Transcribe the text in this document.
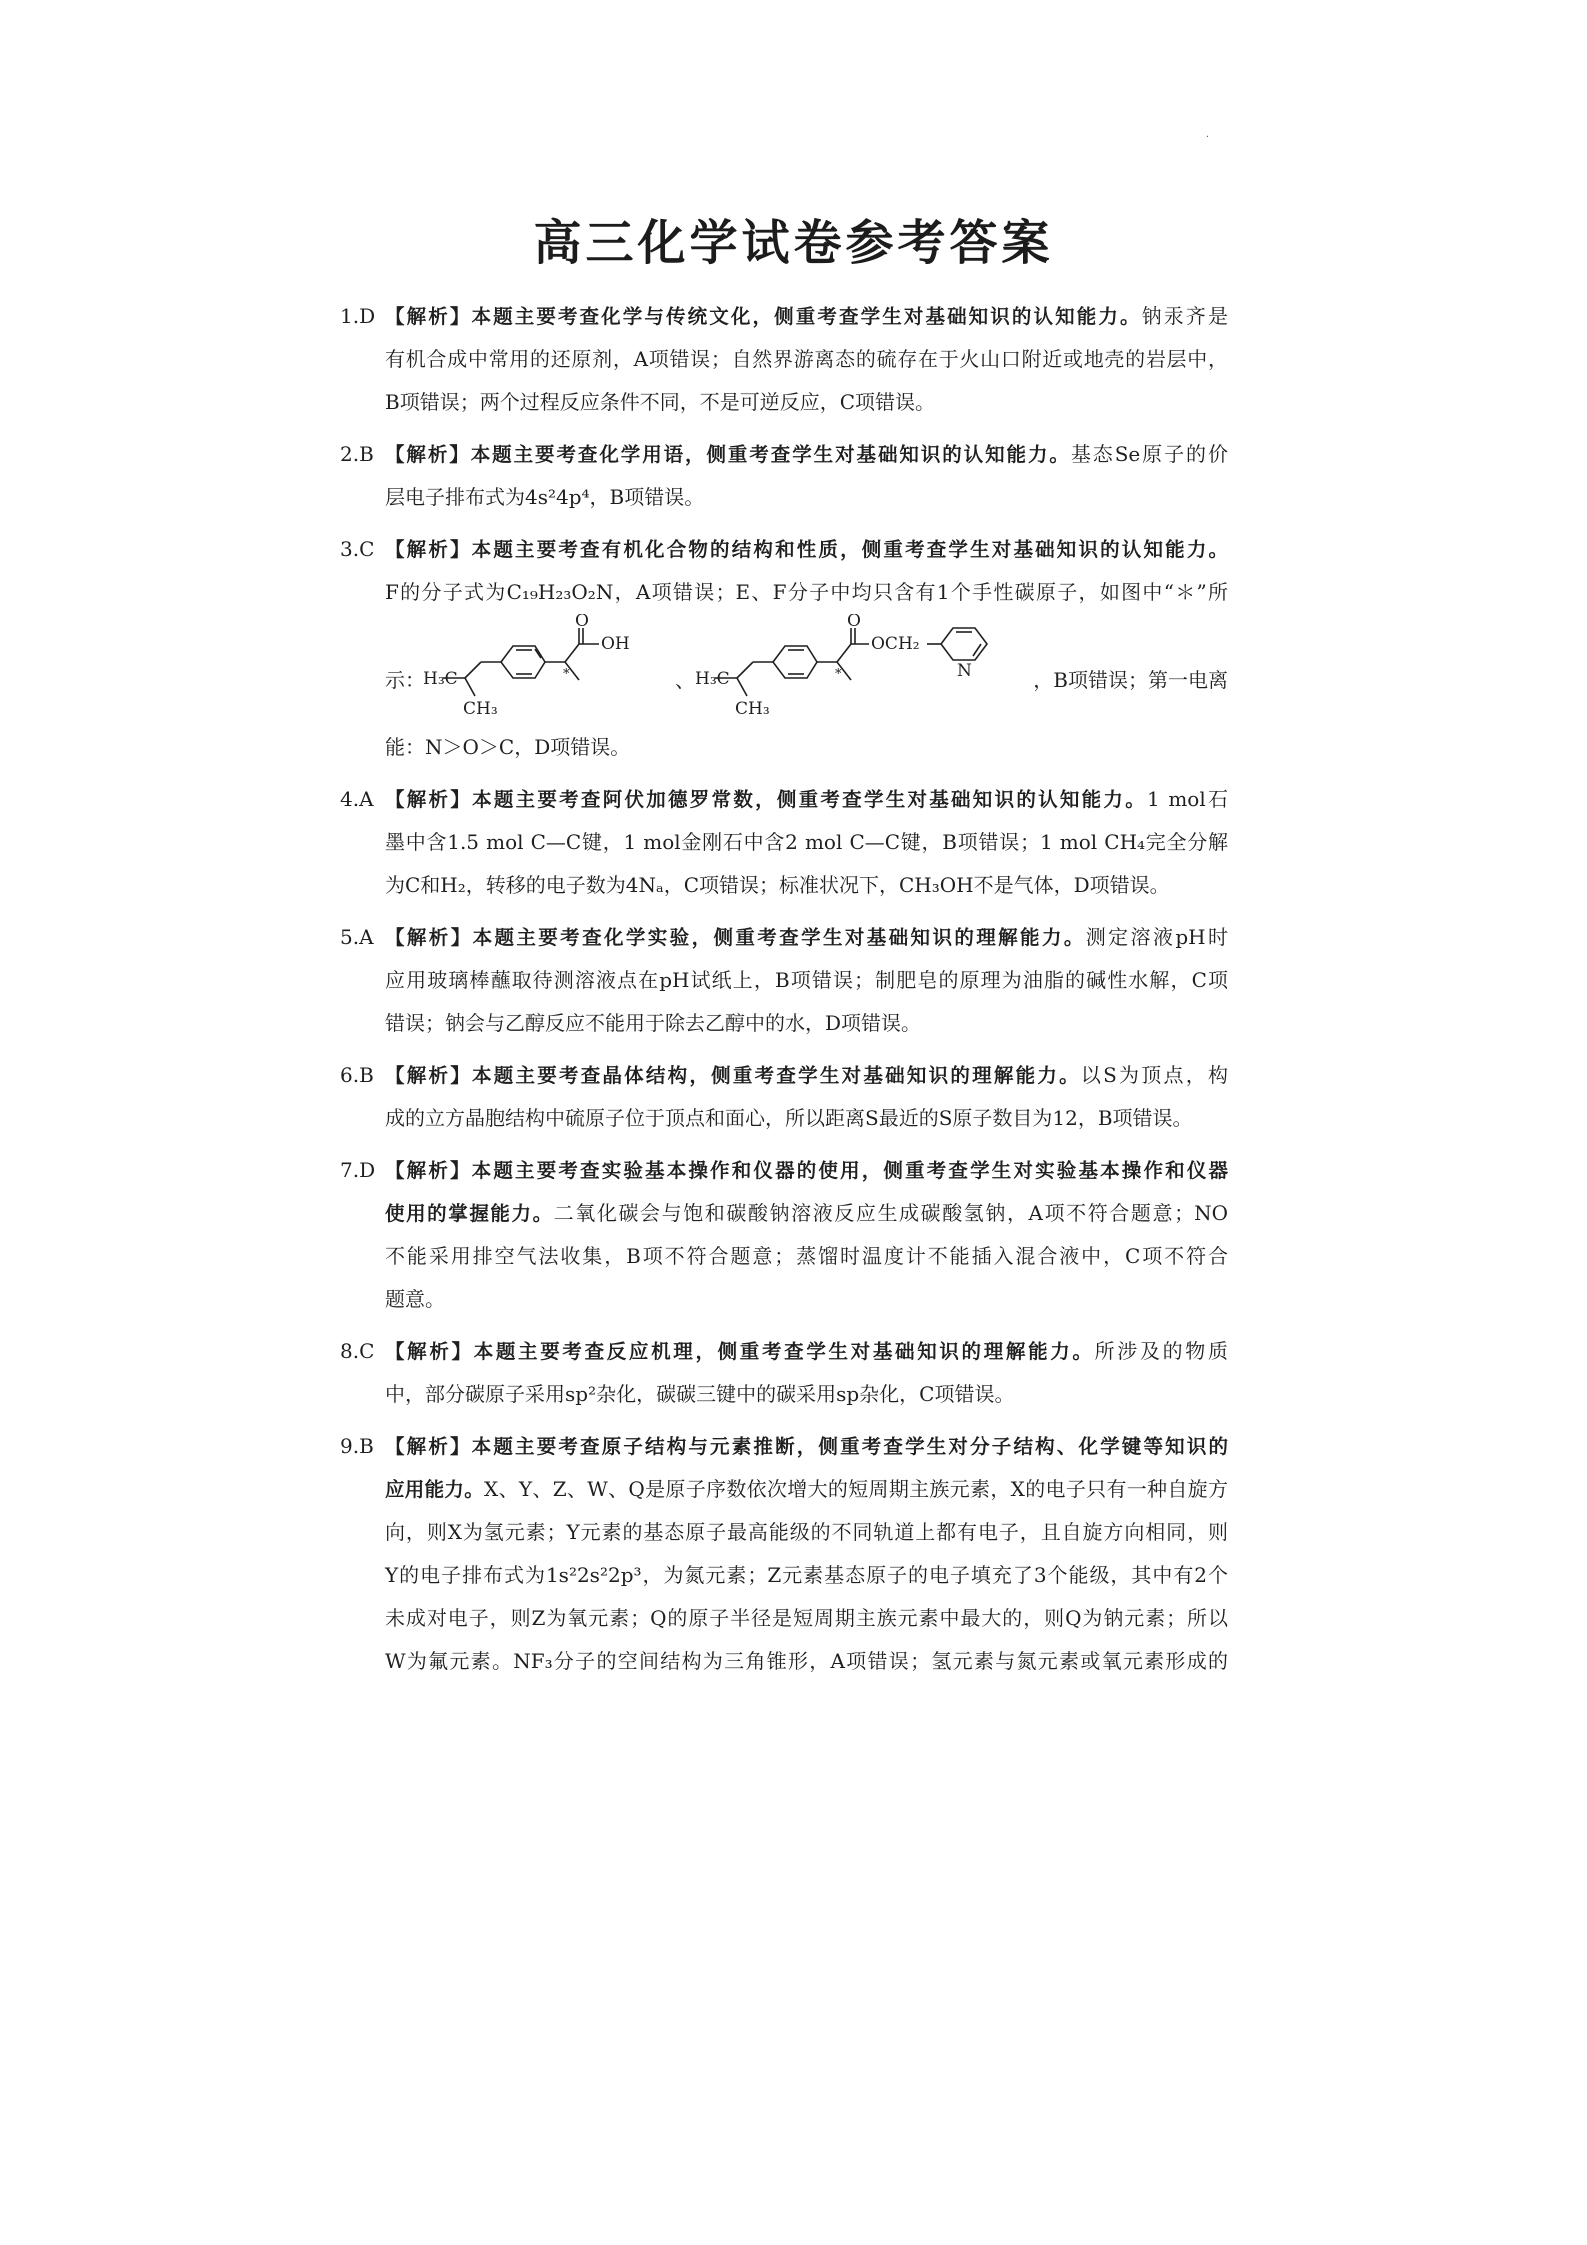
·
高三化学试卷参考答案
1.D 【解析】本题主要考查化学与传统文化，侧重考查学生对基础知识的认知能力。钠汞齐是
有机合成中常用的还原剂，A项错误；自然界游离态的硫存在于火山口附近或地壳的岩层中，
B项错误；两个过程反应条件不同，不是可逆反应，C项错误。
2.B 【解析】本题主要考查化学用语，侧重考查学生对基础知识的认知能力。基态Se原子的价
层电子排布式为4s²4p⁴，B项错误。
3.C 【解析】本题主要考查有机化合物的结构和性质，侧重考查学生对基础知识的认知能力。
F的分子式为C₁₉H₂₃O₂N，A项错误；E、F分子中均只含有1个手性碳原子，如图中“＊”所
示：
O
OH
H₃C
CH₃
*	、
O
OCH₂
N
H₃C
CH₃
*	，B项错误；第一电离
能：N＞O＞C，D项错误。
4.A 【解析】本题主要考查阿伏加德罗常数，侧重考查学生对基础知识的认知能力。1 mol石
墨中含1.5 mol C—C键，1 mol金刚石中含2 mol C—C键，B项错误；1 mol CH₄完全分解
为C和H₂，转移的电子数为4Nₐ，C项错误；标准状况下，CH₃OH不是气体，D项错误。
5.A 【解析】本题主要考查化学实验，侧重考查学生对基础知识的理解能力。测定溶液pH时
应用玻璃棒蘸取待测溶液点在pH试纸上，B项错误；制肥皂的原理为油脂的碱性水解，C项
错误；钠会与乙醇反应不能用于除去乙醇中的水，D项错误。
6.B 【解析】本题主要考查晶体结构，侧重考查学生对基础知识的理解能力。以S为顶点，构
成的立方晶胞结构中硫原子位于顶点和面心，所以距离S最近的S原子数目为12，B项错误。
7.D 【解析】本题主要考查实验基本操作和仪器的使用，侧重考查学生对实验基本操作和仪器
使用的掌握能力。二氧化碳会与饱和碳酸钠溶液反应生成碳酸氢钠，A项不符合题意；NO
不能采用排空气法收集，B项不符合题意；蒸馏时温度计不能插入混合液中，C项不符合
题意。
8.C 【解析】本题主要考查反应机理，侧重考查学生对基础知识的理解能力。所涉及的物质
中，部分碳原子采用sp²杂化，碳碳三键中的碳采用sp杂化，C项错误。
9.B 【解析】本题主要考查原子结构与元素推断，侧重考查学生对分子结构、化学键等知识的
应用能力。X、Y、Z、W、Q是原子序数依次增大的短周期主族元素，X的电子只有一种自旋方
向，则X为氢元素；Y元素的基态原子最高能级的不同轨道上都有电子，且自旋方向相同，则
Y的电子排布式为1s²2s²2p³，为氮元素；Z元素基态原子的电子填充了3个能级，其中有2个
未成对电子，则Z为氧元素；Q的原子半径是短周期主族元素中最大的，则Q为钠元素；所以
W为氟元素。NF₃分子的空间结构为三角锥形，A项错误；氢元素与氮元素或氧元素形成的
